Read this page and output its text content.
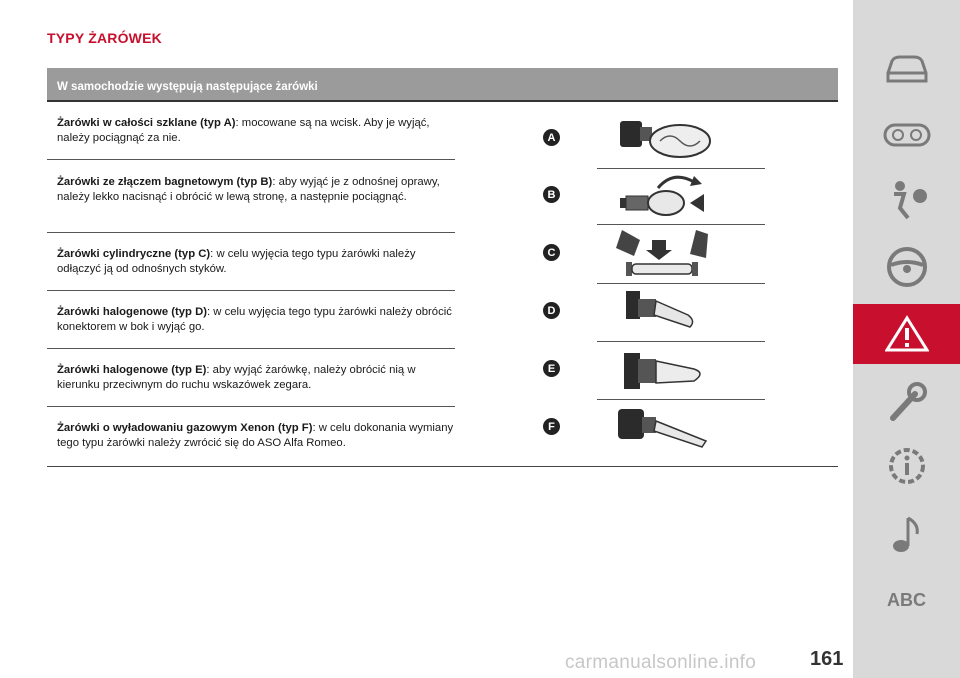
TYPY ŻARÓWEK
W samochodzie występują następujące żarówki
Żarówki w całości szklane (typ A): mocowane są na wcisk. Aby je wyjąć, należy pociągnąć za nie.
Żarówki ze złączem bagnetowym (typ B): aby wyjąć je z odnośnej oprawy, należy lekko nacisnąć i obrócić w lewą stronę, a następnie pociągnąć.
Żarówki cylindryczne (typ C): w celu wyjęcia tego typu żarówki należy odłączyć ją od odnośnych styków.
Żarówki halogenowe (typ D): w celu wyjęcia tego typu żarówki należy obrócić konektorem w bok i wyjąć go.
Żarówki halogenowe (typ E): aby wyjąć żarówkę, należy obrócić nią w kierunku przeciwnym do ruchu wskazówek zegara.
Żarówki o wyładowaniu gazowym Xenon (typ F): w celu dokonania wymiany tego typu żarówki należy zwrócić się do ASO Alfa Romeo.
A
B
C
D
E
F
ABC
carmanualsonline.info	161
